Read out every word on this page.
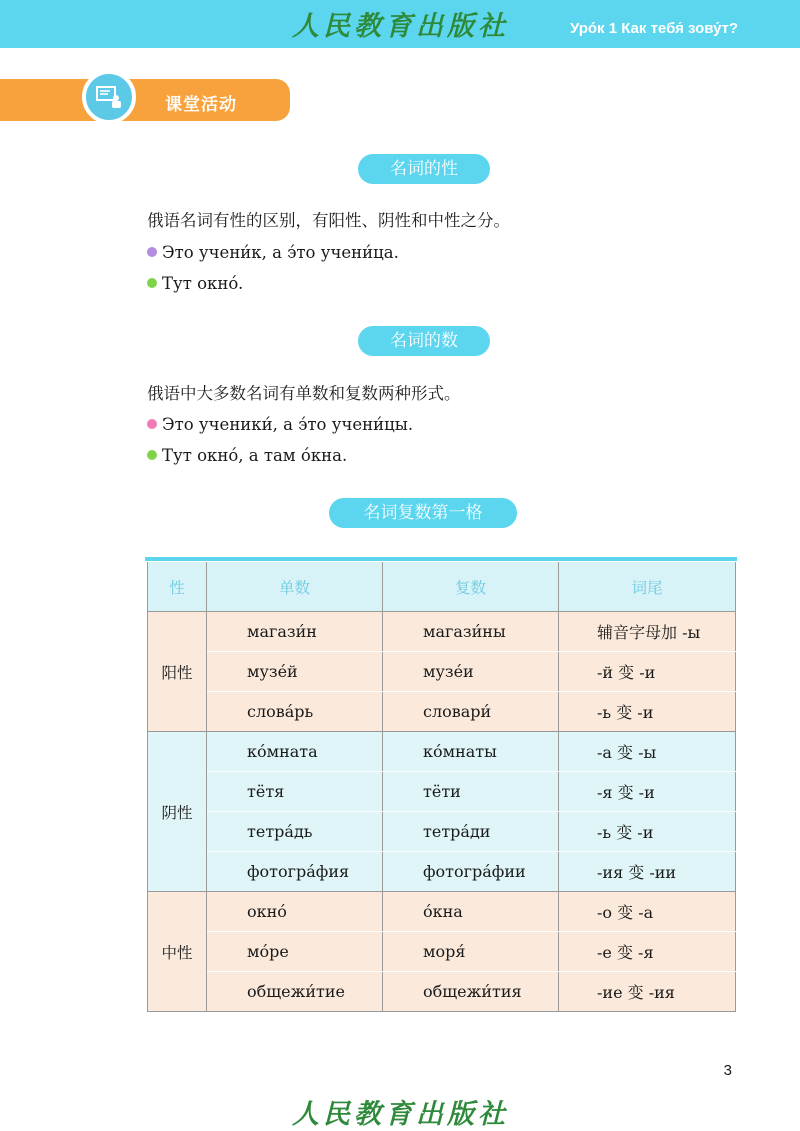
人民教育出版社	Урóк 1 Как тебя́ зову́т?
课堂活动
名词的性
俄语名词有性的区别，有阳性、阴性和中性之分。
Это учени́к, а э́то учени́ца.
Тут окнó.
名词的数
俄语中大多数名词有单数和复数两种形式。
Это ученики́, а э́то учени́цы.
Тут окнó, а там óкна.
名词复数第一格
性	单数	复数	词尾
阳性	магази́н	магази́ны	辅音字母加 -ы
	музе́й	музе́и	-й 变 -и
	слова́рь	словари́	-ь 变 -и
阴性	кóмната	кóмнаты	-а 变 -ы
	тётя	тёти	-я 变 -и
	тетра́дь	тетра́ди	-ь 变 -и
	фотогра́фия	фотогра́фии	-ия 变 -ии
中性	окнó	óкна	-о 变 -а
	мóре	моря́	-е 变 -я
	общежи́тие	общежи́тия	-ие 变 -ия
3
人民教育出版社
